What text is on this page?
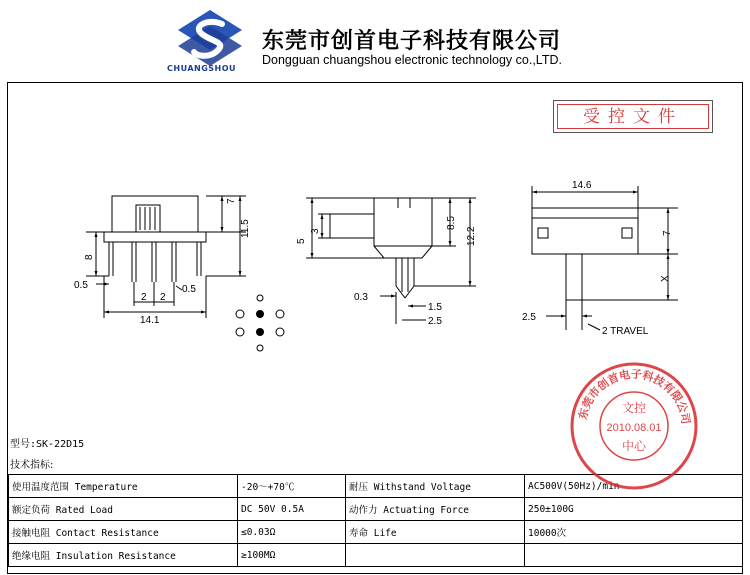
CHUANGSHOU
东莞市创首电子科技有限公司
Dongguan chuangshou electronic technology co.,LTD.
受控文件
7
11.5
8
14.1
2 2
0.5	0.5
3
5
8.5
12.2
0.3
1.5
2.5
14.6
7
X
2.5
2 TRAVEL
型号:SK-22D15
技术指标:
使用温度范围 Temperature	-20～+70℃	耐压 Withstand Voltage	AC500V(50Hz)/min
额定负荷 Rated Load	DC 50V 0.5A	动作力 Actuating Force	250±100G
接触电阻 Contact Resistance	≤0.03Ω	寿命 Life	10000次
绝缘电阻 Insulation Resistance	≥100MΩ		
东莞市创首电子科技有限公司
文控
2010.08.01
中心
